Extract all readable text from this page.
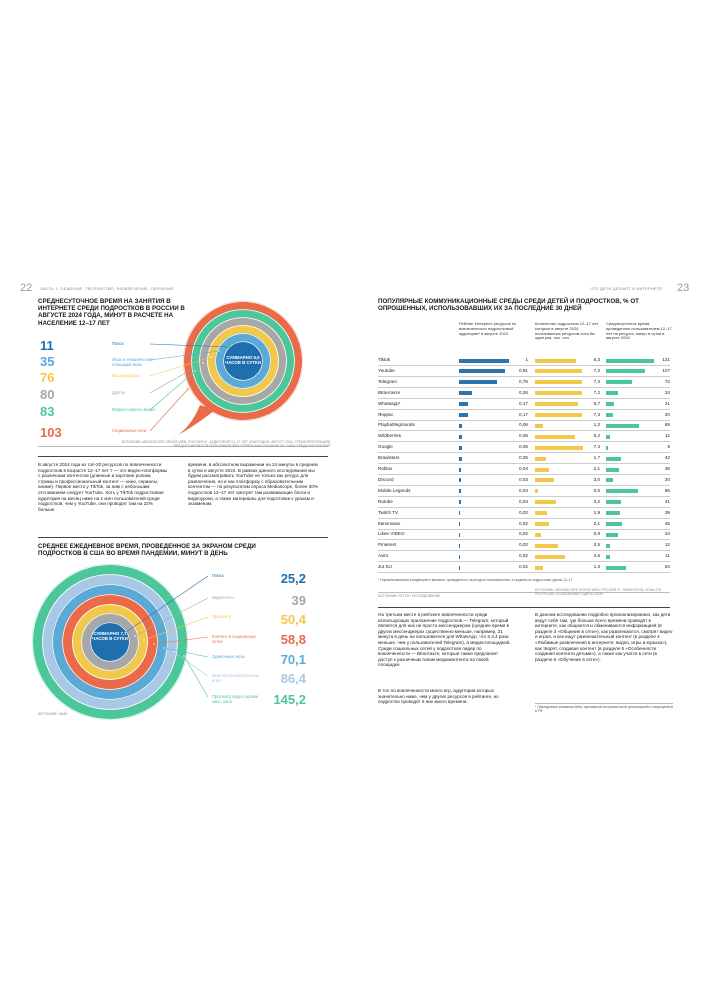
22 ЧАСТЬ 1. ОБЩЕНИЕ, ТВОРЧЕСТВО, РАЗВЛЕЧЕНИЕ, ОБУЧЕНИЕ
СРЕДНЕСУТОЧНОЕ ВРЕМЯ НА ЗАНЯТИЯ В ИНТЕРНЕТЕ СРЕДИ ПОДРОСТКОВ В РОССИИ В АВГУСТЕ 2024 ГОДА, МИНУТ В РАСЧЕТЕ НА НАСЕЛЕНИЕ 12–17 ЛЕТ
СУММАРНО 6,5 ЧАСОВ В СУТКИ
11	Поиск
35	Игры и тематические площадки игры
76	Мессенджеры
80	Другое
83	Медиа-сервисы видео
103	Социальные сети
ИСТОЧНИК: MEDIASCOPE CROSS WEB, РОССИЯ 0+, АУДИТОРИЯ 12–17 ЛЕТ (ЕЖЕГОДНО, АВГУСТ 2024, СТЕКЛОПРОТЕКЦИЯ) ПРЕДОСТАВЛЯЕТСЯ ПОЛЬЗОВАТЕЛЯМ СЕРВИСАМИ УКАЗАННОГО ТИПА СРЕДИ НАСЕЛЕНИЯ
В августе 2024 года из топ-20 ресурсов по вовлеченности подростков в возрасте 12–17 лет 7 — это видео-платформы с различным контентом (длинные и короткие ролики, стримы и профессиональный контент — кино, сериалы, аниме). Первое место у TikTok, за ним с небольшим отставанием следует YouTube. Хоть у TikTok подростковая аудитория на месяц ниже на 1 млн пользователей среди подростков, чем у YouTube, они проводят там на 22% больше
времени, в абсолютном выражении на 24 минуты в среднем в сутки в августе 2024. В рамках данного исследования мы будем рассматривать YouTube не только как ресурс для развлечения, но и как платформу с образовательным контентом — по результатам опроса Mediascope, более 30% подростков 12–17 лет смотрят там развивающие блоги и видеоуроки, а также материалы для подготовки к урокам и экзаменам.
СРЕДНЕЕ ЕЖЕДНЕВНОЕ ВРЕМЯ, ПРОВЕДЕННОЕ ЗА ЭКРАНОМ СРЕДИ ПОДРОСТКОВ В США ВО ВРЕМЯ ПАНДЕМИИ, МИНУТ В ДЕНЬ
СУММАРНО 7,7 ЧАСОВ В СУТКИ
Поиск	25,2
Видеочаты	39
Просмотр	50,4
Контент в социальных сетях	58,8
Одиночные игры	70,1
Многопользовательские игры	86,4
Просмотр видео (кроме кино, кино	145,2
ИСТОЧНИК: JAMA
ЧТО ДЕТИ ДЕЛАЮТ В ИНТЕРНЕТЕ 23
ПОПУЛЯРНЫЕ КОММУНИКАЦИОННЫЕ СРЕДЫ СРЕДИ ДЕТЕЙ И ПОДРОСТКОВ, % ОТ ОПРОШЕННЫХ, ИСПОЛЬЗОВАВШИХ ИХ ЗА ПОСЛЕДНИЕ 30 ДНЕЙ
Рейтинг Интернет-ресурсов по вовлеченности подростковой аудитории* в августе 2024
Количество подростков 12–17 лет, которые в августе 2024 пользовались ресурсом хотя бы один раз, тыс. чел
Среднесуточное время, проведенное пользователем 12–17 лет на ресурсе, минут в сутки в августе 2024
Tiktok	1	6,3	131
Youtube	0,91	7,3	107
Telegram	0,75	7,3	72
ВКонтакте	0,26	7,2	34
Whatsapp*	0,17	6,7	21
Яндекс	0,17	7,3	20
Playbattlegrounds	0,06	1,2	89
Wildberries	0,05	6,2	12
Google	0,05	7,4	6
Brawlstars	0,05	1,7	42
Roblox	0,04	2,1	36
Discord	0,03	3,0	20
Mobile Legends	0,03	0,5	86
Rutube	0,03	3,2	41
Twitch TV	0,02	1,9	39
Кинопоиск	0,02	2,1	45
Likee VIDEO	0,02	0,9	34
Pinterest	0,02	3,5	12
Avito	0,02	4,6	11
Jut SU	0,02	1,3	54
* Нормализованный коэффициент времени, проведенного на ресурсе пользователем, в среднем по подросткам группы 12–17
ИСТОЧНИК: РЕГУЛ.* ИССЛЕДОВАНИЕ
ИСТОЧНИК: MEDIASCOPE CROSS WEB, РОССИЯ 0+, ЗЕМЛОПОЛЬ ЗОНЫ ПО РЕСУРСАМ, ОСОБЕННЫМ ПОДРОСТКОВ
На третьем месте в рейтинге вовлеченности среди использующих приложение подростков — Telegram, который является для них не просто мессенджером (среднее время в других мессенджерах существенно меньше, например, 21 минута в день на пользователя для WhatsApp, что в 3,4 раза меньше, чем у пользователей Telegram), а медиа-площадкой. Среди социальных сетей у подростков лидер по вовлеченности — ВКонтакте, которые также предлагает доступ к различным типам медиаконтента на своей площадке.
В топ по вовлеченности много игр, аудитории которых значительно ниже, чем у других ресурсов в рейтинге, но подростки проводят в них много времени.
В данном исследовании подробно проанализировано, как дети ведут себя там, где больше всего времени проводят в интернете, как общаются и обмениваются информацией (в разделе 3 «Общение в сети»), как развлекаются, смотрят видео и играя, а как ищут развлекательный контент (в разделе 4 «Любимые развлечения в интернете: видео, игры и музыка»), как творят, создавая контент (в разделе 5 «Особенности создания контента детьми»), а также как учатся в сети (в разделе 6 «Обучение в сети»).
* Принадлежит компании Meta, признанной экстремистской организацией и запрещенной в РФ
